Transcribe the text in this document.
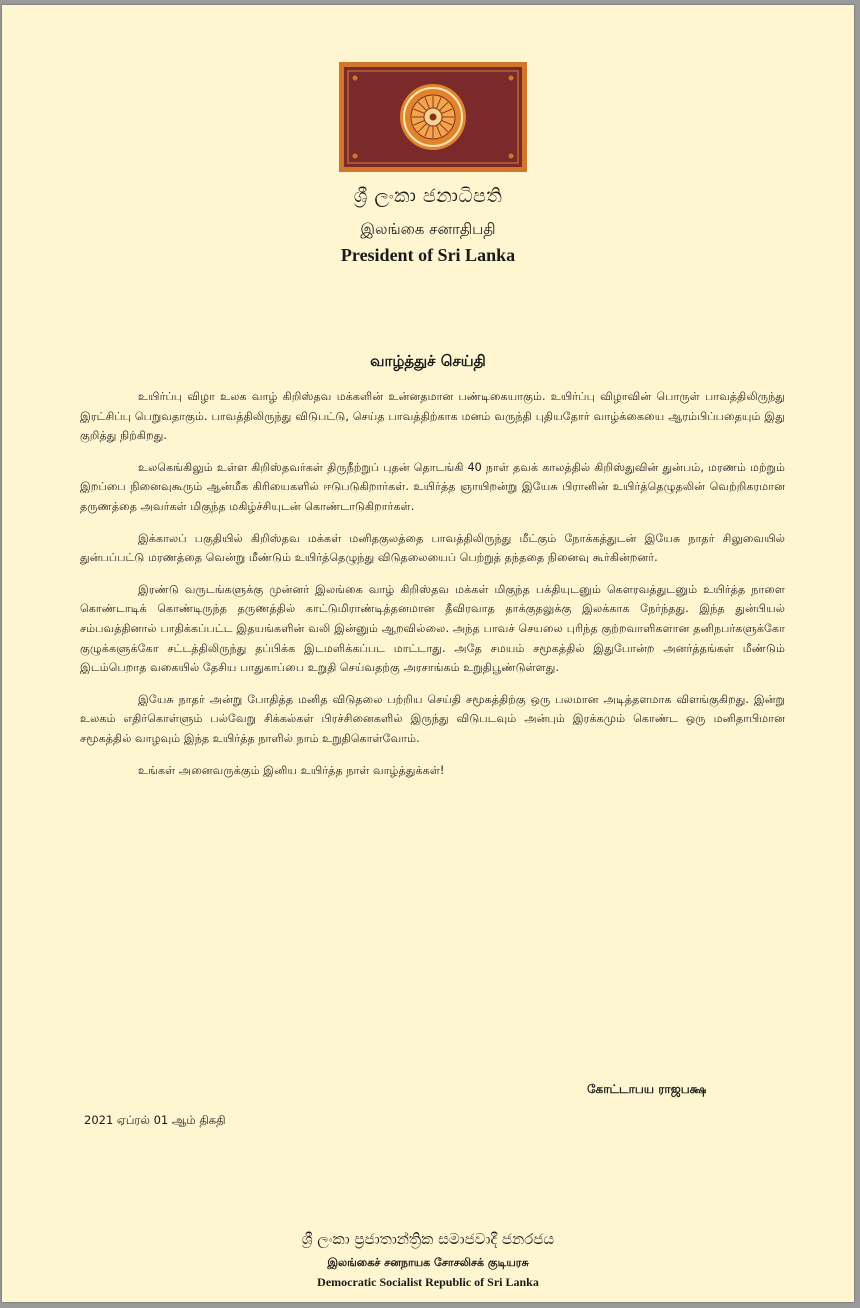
ශ්‍රී ලංකා ජනාධිපති
இலங்கை சனாதிபதி
President of Sri Lanka
வாழ்த்துச் செய்தி

உயிர்ப்பு விழா உலக வாழ் கிறிஸ்தவ மக்களின் உன்னதமான பண்டிகையாகும். உயிர்ப்பு விழாவின் பொருள் பாவத்திலிருந்து இரட்சிப்பு பெறுவதாகும். பாவத்திலிருந்து விடுபட்டு, செய்த பாவத்திற்காக மனம் வருந்தி புதியதோர் வாழ்க்கையை ஆரம்பிப்பதையும் இது குறித்து நிற்கிறது.

உலகெங்கிலும் உள்ள கிறிஸ்தவர்கள் திருநீற்றுப் புதன் தொடங்கி 40 நாள் தவக் காலத்தில் கிறிஸ்துவின் துன்பம், மரணம் மற்றும் இறப்பை நினைவுகூரும் ஆன்மீக கிரியைகளில் ஈடுபடுகிறார்கள். உயிர்த்த ஞாயிறன்று இயேசு பிரானின் உயிர்த்தெழுதலின் வெற்றிகரமான தருணத்தை அவர்கள் மிகுந்த மகிழ்ச்சியுடன் கொண்டாடுகிறார்கள்.

இக்காலப் பகுதியில் கிறிஸ்தவ மக்கள் மனிதகுலத்தை பாவத்திலிருந்து மீட்கும் நோக்கத்துடன் இயேசு நாதர் சிலுவையில் துன்பப்பட்டு மரணத்தை வென்று மீண்டும் உயிர்த்தெழுந்து விடுதலையைப் பெற்றுத் தந்ததை நினைவு கூர்கின்றனர்.

இரண்டு வருடங்களுக்கு முன்னர் இலங்கை வாழ் கிறிஸ்தவ மக்கள் மிகுந்த பக்தியுடனும் கௌரவத்துடனும் உயிர்த்த நாளை கொண்டாடிக் கொண்டிருந்த தருணத்தில் காட்டுமிராண்டித்தனமான தீவிரவாத தாக்குதலுக்கு இலக்காக நேர்ந்தது. இந்த துன்பியல் சம்பவத்தினால் பாதிக்கப்பட்ட இதயங்களின் வலி இன்னும் ஆறவில்லை. அந்த பாவச் செயலை புரிந்த குற்றவாளிகளான தனிநபர்களுக்கோ குழுக்களுக்கோ சட்டத்திலிருந்து தப்பிக்க இடமளிக்கப்பட மாட்டாது. அதே சமயம் சமூகத்தில் இதுபோன்ற அனர்த்தங்கள் மீண்டும் இடம்பெறாத வகையில் தேசிய பாதுகாப்பை உறுதி செய்வதற்கு அரசாங்கம் உறுதிபூண்டுள்ளது.

இயேசு நாதர் அன்று போதித்த மனித விடுதலை பற்றிய செய்தி சமூகத்திற்கு ஒரு பலமான அடித்தளமாக விளங்குகிறது. இன்று உலகம் எதிர்கொள்ளும் பல்வேறு சிக்கல்கள் பிரச்சினைகளில் இருந்து விடுபடவும் அன்பும் இரக்கமும் கொண்ட ஒரு மனிதாபிமான சமூகத்தில் வாழவும் இந்த உயிர்த்த நாளில் நாம் உறுதிகொள்வோம்.

உங்கள் அனைவருக்கும் இனிய உயிர்த்த நாள் வாழ்த்துக்கள்!

கோட்டாபய ராஜபக்ஷ
2021 ஏப்ரல் 01 ஆம் திகதி
ශ්‍රී ලංකා ප්‍රජාතාන්ත්‍රික සමාජවාදී ජනරජය
இலங்கைச் சனநாயக சோசலிசக் குடியரசு
Democratic Socialist Republic of Sri Lanka
